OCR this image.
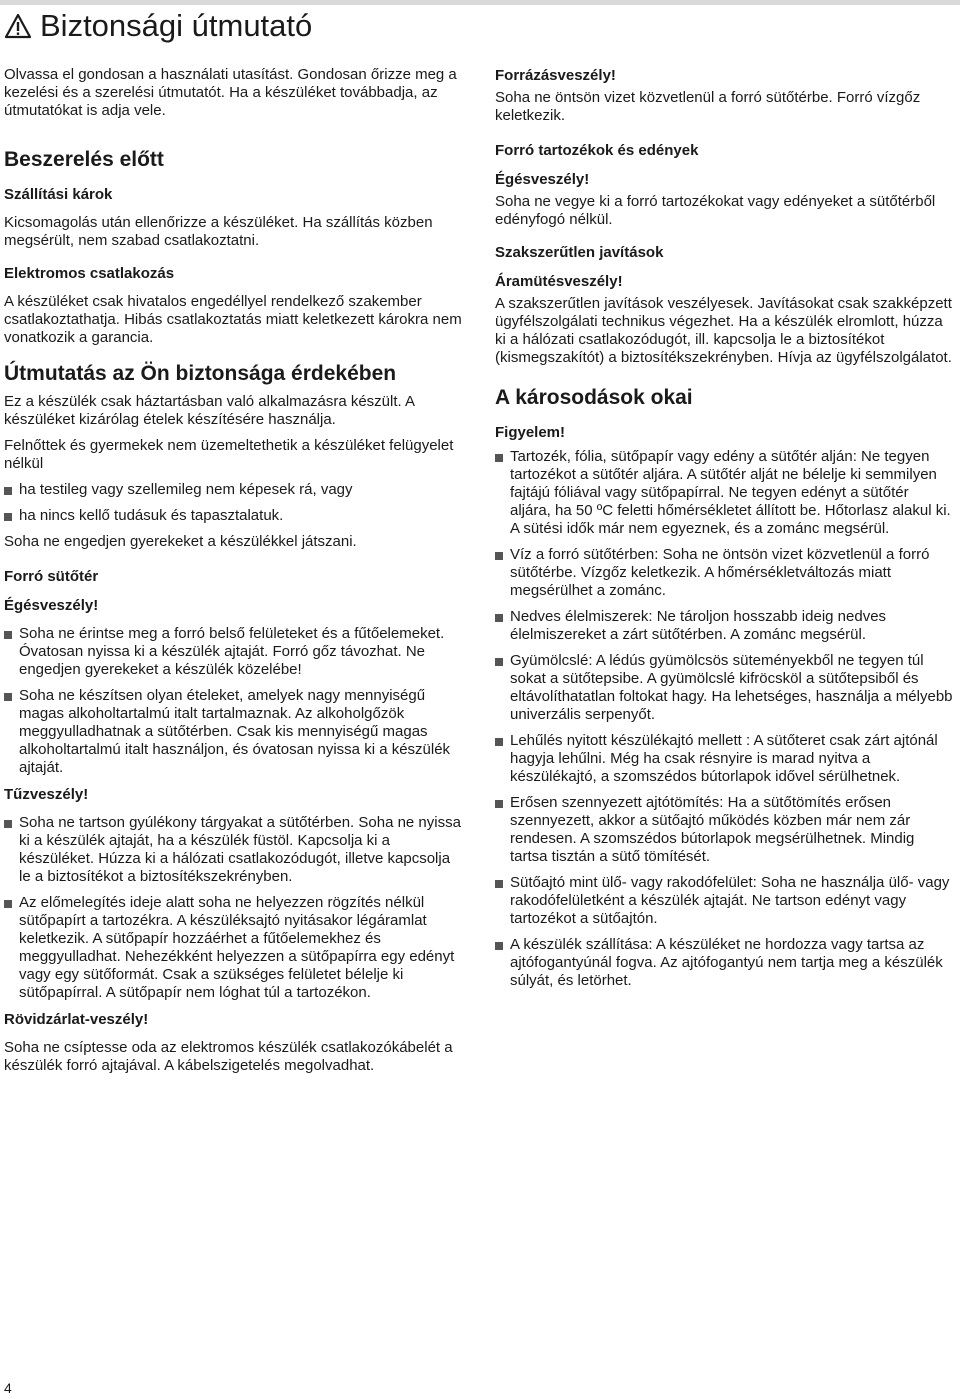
Biztonsági útmutató

Olvassa el gondosan a használati utasítást. Gondosan őrizze meg a kezelési és a szerelési útmutatót. Ha a készüléket továbbadja, az útmutatókat is adja vele.

Beszerelés előtt
Szállítási károk

Kicsomagolás után ellenőrizze a készüléket. Ha szállítás közben megsérült, nem szabad csatlakoztatni.

Elektromos csatlakozás

A készüléket csak hivatalos engedéllyel rendelkező szakember csatlakoztathatja. Hibás csatlakoztatás miatt keletkezett károkra nem vonatkozik a garancia.

Útmutatás az Ön biztonsága érdekében

Ez a készülék csak háztartásban való alkalmazásra készült. A készüléket kizárólag ételek készítésére használja.

Felnőttek és gyermekek nem üzemeltethetik a készüléket felügyelet nélkül

ha testileg vagy szellemileg nem képesek rá, vagy
ha nincs kellő tudásuk és tapasztalatuk.

Soha ne engedjen gyerekeket a készülékkel játszani.

Forró sütőtér
Égésveszély!
Soha ne érintse meg a forró belső felületeket és a fűtőelemeket. Óvatosan nyissa ki a készülék ajtaját. Forró gőz távozhat. Ne engedjen gyerekeket a készülék közelébe!
Soha ne készítsen olyan ételeket, amelyek nagy mennyiségű magas alkoholtartalmú italt tartalmaznak. Az alkoholgőzök meggyulladhatnak a sütőtérben. Csak kis mennyiségű magas alkoholtartalmú italt használjon, és óvatosan nyissa ki a készülék ajtaját.
Tűzveszély!
Soha ne tartson gyúlékony tárgyakat a sütőtérben. Soha ne nyissa ki a készülék ajtaját, ha a készülék füstöl. Kapcsolja ki a készüléket. Húzza ki a hálózati csatlakozódugót, illetve kapcsolja le a biztosítékot a biztosítékszekrényben.
Az előmelegítés ideje alatt soha ne helyezzen rögzítés nélkül sütőpapírt a tartozékra. A készüléksajtó nyitásakor légáramlat keletkezik. A sütőpapír hozzáérhet a fűtőelemekhez és meggyulladhat. Nehezékként helyezzen a sütőpapírra egy edényt vagy egy sütőformát. Csak a szükséges felületet bélelje ki sütőpapírral. A sütőpapír nem lóghat túl a tartozékon.
Rövidzárlat-veszély!

Soha ne csíptesse oda az elektromos készülék csatlakozókábelét a készülék forró ajtajával. A kábelszigetelés megolvadhat.

Forrázásveszély!

Soha ne öntsön vizet közvetlenül a forró sütőtérbe. Forró vízgőz keletkezik.

Forró tartozékok és edények
Égésveszély!

Soha ne vegye ki a forró tartozékokat vagy edényeket a sütőtérből edényfogó nélkül.

Szakszerűtlen javítások
Áramütésveszély!

A szakszerűtlen javítások veszélyesek. Javításokat csak szakképzett ügyfélszolgálati technikus végezhet. Ha a készülék elromlott, húzza ki a hálózati csatlakozódugót, ill. kapcsolja le a biztosítékot (kismegszakítót) a biztosítékszekrényben. Hívja az ügyfélszolgálatot.

A károsodások okai
Figyelem!
Tartozék, fólia, sütőpapír vagy edény a sütőtér alján: Ne tegyen tartozékot a sütőtér aljára. A sütőtér alját ne bélelje ki semmilyen fajtájú fóliával vagy sütőpapírral. Ne tegyen edényt a sütőtér aljára, ha 50 ºC feletti hőmérsékletet állított be. Hőtorlasz alakul ki. A sütési idők már nem egyeznek, és a zománc megsérül.
Víz a forró sütőtérben: Soha ne öntsön vizet közvetlenül a forró sütőtérbe. Vízgőz keletkezik. A hőmérsékletváltozás miatt megsérülhet a zománc.
Nedves élelmiszerek: Ne tároljon hosszabb ideig nedves élelmiszereket a zárt sütőtérben. A zománc megsérül.
Gyümölcslé: A lédús gyümölcsös süteményekből ne tegyen túl sokat a sütőtepsibe. A gyümölcslé kifröcsköl a sütőtepsiből és eltávolíthatatlan foltokat hagy. Ha lehetséges, használja a mélyebb univerzális serpenyőt.
Lehűlés nyitott készülékajtó mellett : A sütőteret csak zárt ajtónál hagyja lehűlni. Még ha csak résnyire is marad nyitva a készülékajtó, a szomszédos bútorlapok idővel sérülhetnek.
Erősen szennyezett ajtótömítés: Ha a sütőtömítés erősen szennyezett, akkor a sütőajtó működés közben már nem zár rendesen. A szomszédos bútorlapok megsérülhetnek. Mindig tartsa tisztán a sütő tömítését.
Sütőajtó mint ülő- vagy rakodófelület: Soha ne használja ülő- vagy rakodófelületként a készülék ajtaját. Ne tartson edényt vagy tartozékot a sütőajtón.
A készülék szállítása: A készüléket ne hordozza vagy tartsa az ajtófogantyúnál fogva. Az ajtófogantyú nem tartja meg a készülék súlyát, és letörhet.
4
